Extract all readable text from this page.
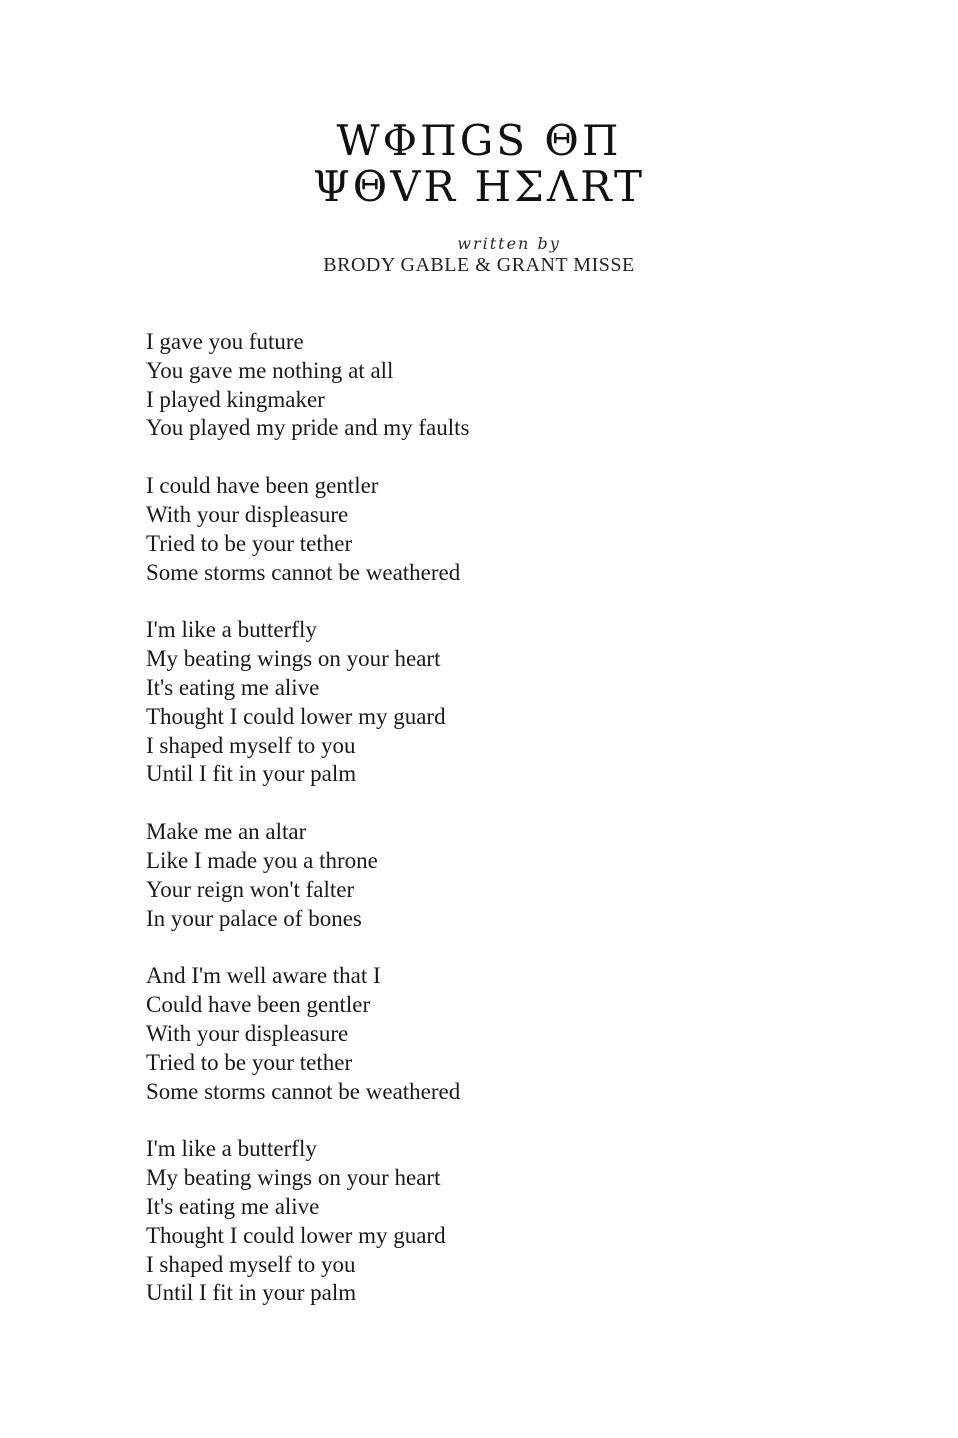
WΦΠGS ΘΠ
ΨΘVR HΣΛRT
written by
BRODY GABLE & GRANT MISSE
I gave you future
You gave me nothing at all
I played kingmaker
You played my pride and my faults
I could have been gentler
With your displeasure
Tried to be your tether
Some storms cannot be weathered
I'm like a butterfly
My beating wings on your heart
It's eating me alive
Thought I could lower my guard
I shaped myself to you
Until I fit in your palm
Make me an altar
Like I made you a throne
Your reign won't falter
In your palace of bones
And I'm well aware that I
Could have been gentler
With your displeasure
Tried to be your tether
Some storms cannot be weathered
I'm like a butterfly
My beating wings on your heart
It's eating me alive
Thought I could lower my guard
I shaped myself to you
Until I fit in your palm
